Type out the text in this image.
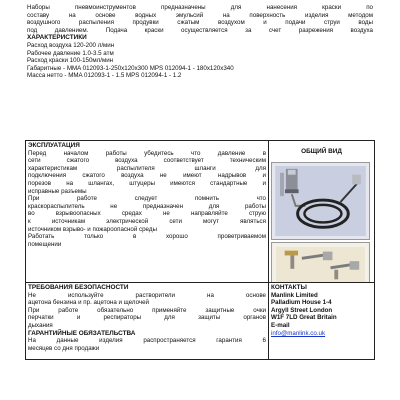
Наборы пневмоинструментов предназначены для нанесения краски по

составу на основе водных эмульсий на поверхность изделия методом

воздушного распыления продувки сжатым воздухом и подачи струи воды

под давлением. Подача краски осуществляется за счет разрежения воздуха

ХАРАКТЕРИСТИКИ

Расход воздуха 120-200 л/мин

Рабочее давление 1.0-3.5 атм

Расход краски 100-150мл/мин

Габаритные - MMA 012093-1-250х120х300 MPS 012094-1 - 180х120х340

Масса нетто - MMA 012093-1 - 1.5 MPS 012094-1 - 1.2

ЭКСПЛУАТАЦИЯ

Перед началом работы убедитесь что давление в

сети сжатого воздуха соответствует техническим

характеристикам распылителя шланги для

подключения сжатого воздуха не имеют надрывов и

порезов на шлангах, штуцеры имеются стандартные и

исправные разъемы

При работе следует помнить что

краскораспылитель не предназначен для работы

во взрывоопасных средах не направляйте струю

к источникам электрической сети могут являться

источником взрыво- и пожароопасной среды

Работать только в хорошо проветриваемом

помещении

ОБЩИЙ ВИД

ТРЕБОВАНИЯ БЕЗОПАСНОСТИ

Не используйте растворители на основе

ацетона бензина и пр. ацетона и щелочей

При работе обязательно применяйте защитные очки

перчатки и респираторы для защиты органов

дыхания

ГАРАНТИЙНЫЕ ОБЯЗАТЕЛЬСТВА

На данные изделия распространяется гарантия 6

месяцев со дня продажи

КОНТАКТЫ

Manlink Limited

Palladium House 1-4

Argyll Street London

W1F 7LD Great Britain

E-mail

info@manlink.co.uk
